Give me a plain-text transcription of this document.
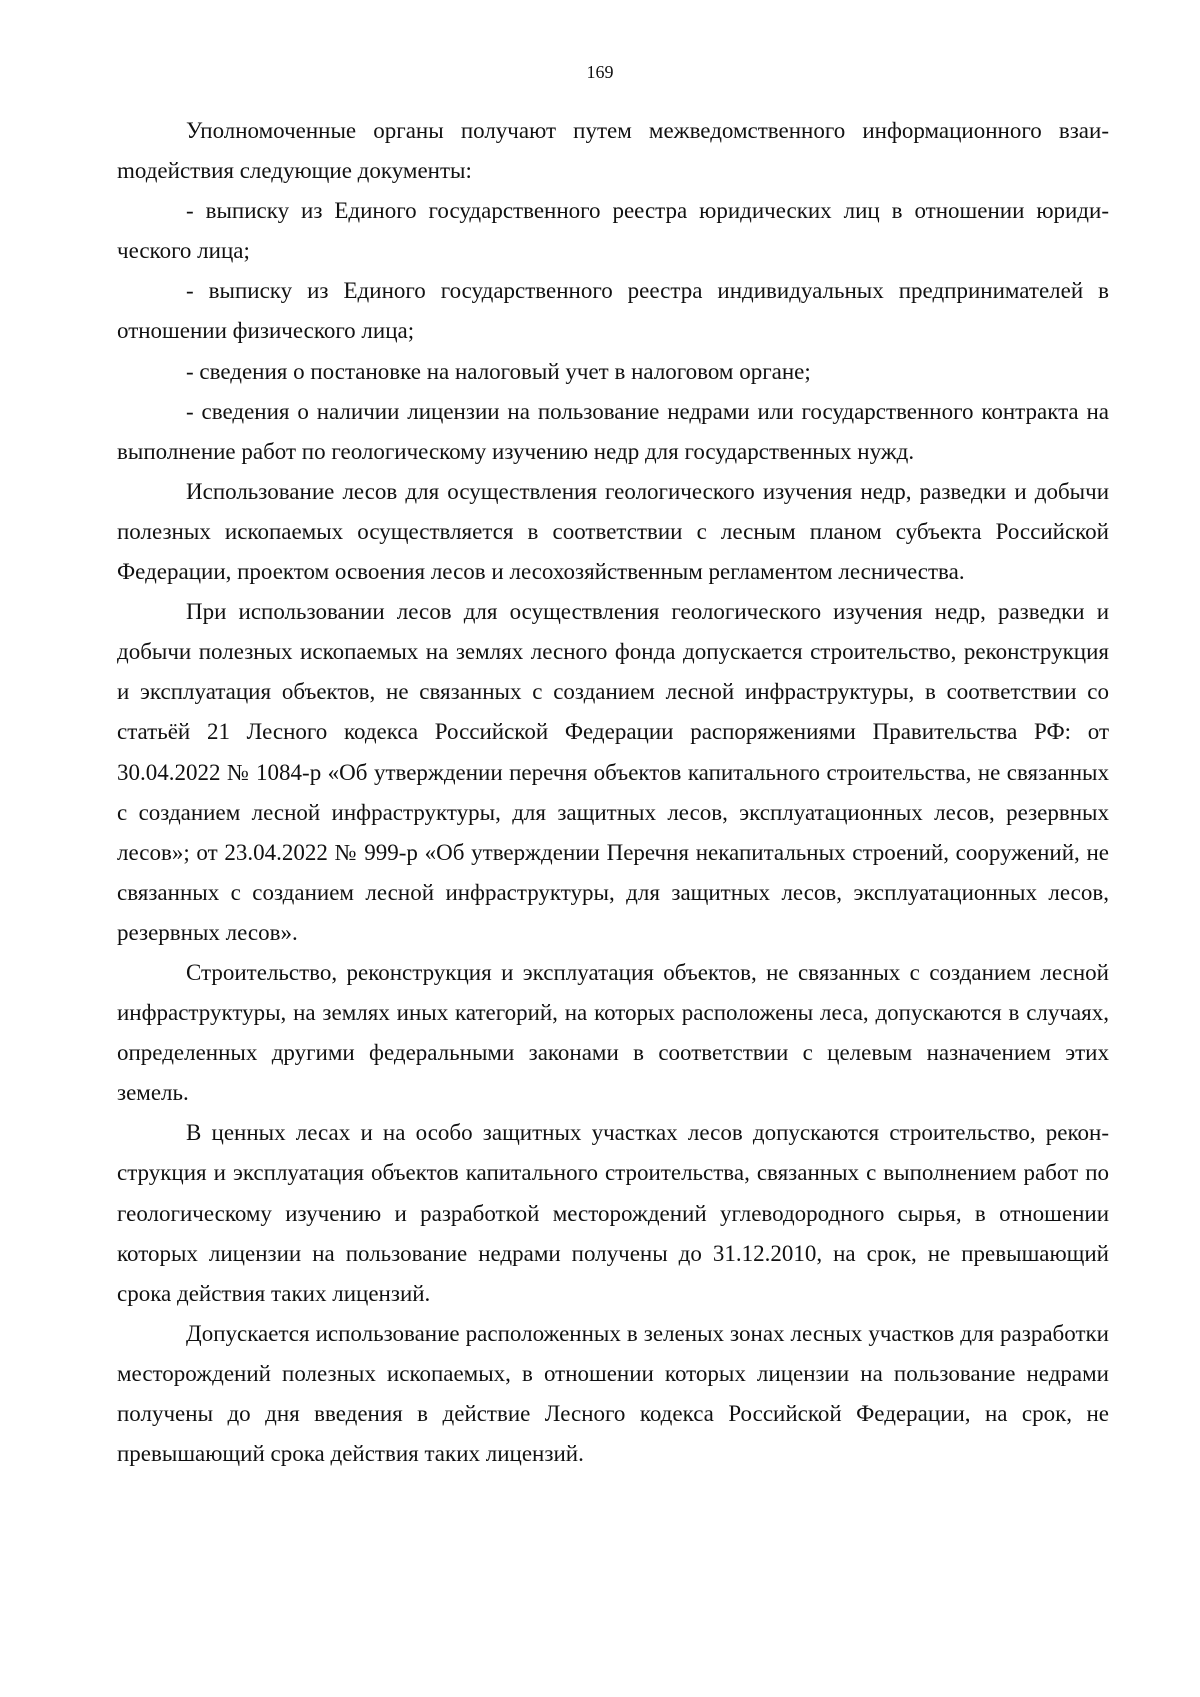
169

Уполномоченные органы получают путем межведомственного информационного взаиmодействия следующие документы:

- выписку из Единого государственного реестра юридических лиц в отношении юридического лица;

- выписку из Единого государственного реестра индивидуальных предпринимателей в отношении физического лица;

- сведения о постановке на налоговый учет в налоговом органе;

- сведения о наличии лицензии на пользование недрами или государственного контракта на выполнение работ по геологическому изучению недр для государственных нужд.

Использование лесов для осуществления геологического изучения недр, разведки и добычи полезных ископаемых осуществляется в соответствии с лесным планом субъекта Российской Федерации, проектом освоения лесов и лесохозяйственным регламентом лесничества.

При использовании лесов для осуществления геологического изучения недр, разведки и добычи полезных ископаемых на землях лесного фонда допускается строительство, реконструкция и эксплуатация объектов, не связанных с созданием лесной инфраструктуры, в соответствии со статьёй 21 Лесного кодекса Российской Федерации распоряжениями Правительства РФ: от 30.04.2022 № 1084-р «Об утверждении перечня объектов капитального строительства, не связанных с созданием лесной инфраструктуры, для защитных лесов, эксплуатационных лесов, резервных лесов»; от 23.04.2022 № 999-р «Об утверждении Перечня некапитальных строений, сооружений, не связанных с созданием лесной инфраструктуры, для защитных лесов, эксплуатационных лесов, резервных лесов».

Строительство, реконструкция и эксплуатация объектов, не связанных с созданием лесной инфраструктуры, на землях иных категорий, на которых расположены леса, допускаются в случаях, определенных другими федеральными законами в соответствии с целевым назначением этих земель.

В ценных лесах и на особо защитных участках лесов допускаются строительство, реконструкция и эксплуатация объектов капитального строительства, связанных с выполнением работ по геологическому изучению и разработкой месторождений углеводородного сырья, в отношении которых лицензии на пользование недрами получены до 31.12.2010, на срок, не превышающий срока действия таких лицензий.

Допускается использование расположенных в зеленых зонах лесных участков для разработки месторождений полезных ископаемых, в отношении которых лицензии на пользование недрами получены до дня введения в действие Лесного кодекса Российской Федерации, на срок, не превышающий срока действия таких лицензий.
